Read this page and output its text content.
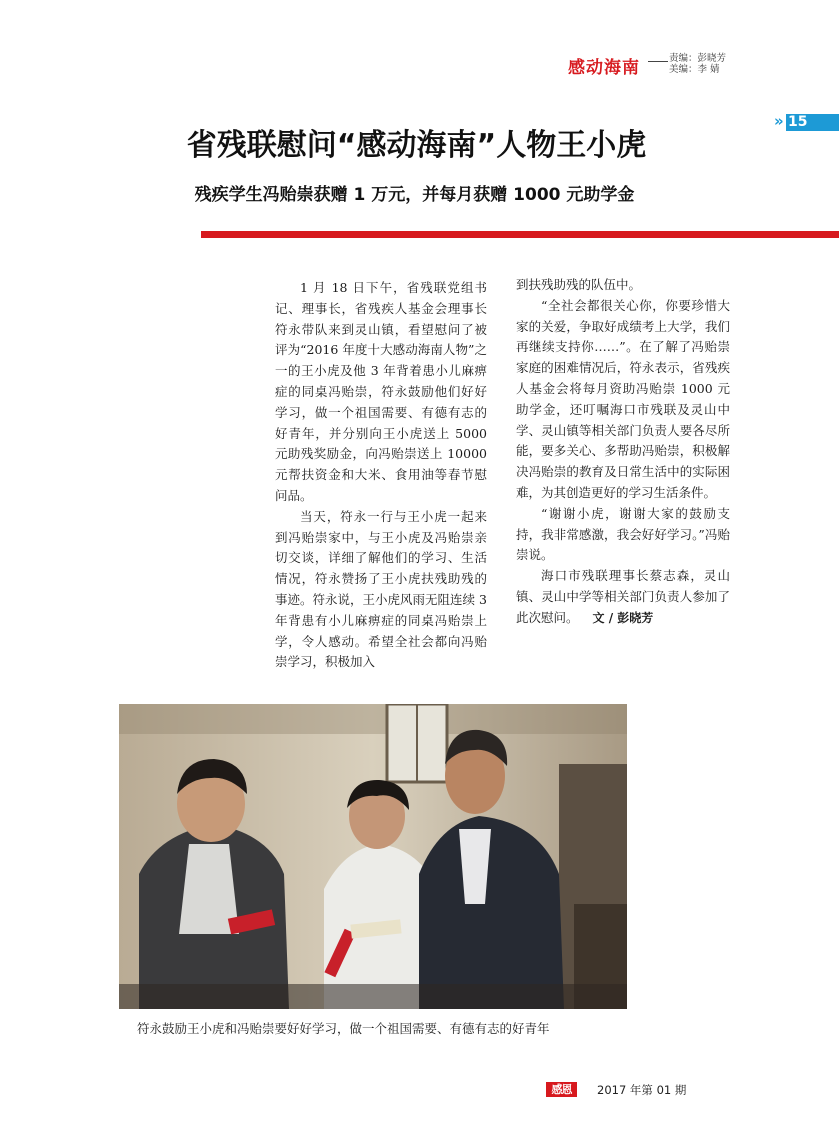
感动海南	责编：彭晓芳
美编：李 婧
» 15
省残联慰问“感动海南”人物王小虎
残疾学生冯贻崇获赠 1 万元，并每月获赠 1000 元助学金

1 月 18 日下午，省残联党组书记、理事长，省残疾人基金会理事长符永带队来到灵山镇，看望慰问了被评为“2016 年度十大感动海南人物”之一的王小虎及他 3 年背着患小儿麻痹症的同桌冯贻崇，符永鼓励他们好好学习，做一个祖国需要、有德有志的好青年，并分别向王小虎送上 5000 元助残奖励金，向冯贻崇送上 10000 元帮扶资金和大米、食用油等春节慰问品。

当天，符永一行与王小虎一起来到冯贻崇家中，与王小虎及冯贻崇亲切交谈，详细了解他们的学习、生活情况，符永赞扬了王小虎扶残助残的事迹。符永说，王小虎风雨无阻连续 3 年背患有小儿麻痹症的同桌冯贻崇上学，令人感动。希望全社会都向冯贻崇学习，积极加入

到扶残助残的队伍中。

“全社会都很关心你，你要珍惜大家的关爱，争取好成绩考上大学，我们再继续支持你……”。在了解了冯贻崇家庭的困难情况后，符永表示，省残疾人基金会将每月资助冯贻崇 1000 元助学金，还叮嘱海口市残联及灵山中学、灵山镇等相关部门负责人要各尽所能，要多关心、多帮助冯贻崇，积极解决冯贻崇的教育及日常生活中的实际困难，为其创造更好的学习生活条件。

“谢谢小虎，谢谢大家的鼓励支持，我非常感激，我会好好学习。”冯贻崇说。

海口市残联理事长蔡志森，灵山镇、灵山中学等相关部门负责人参加了此次慰问。 文 / 彭晓芳

符永鼓励王小虎和冯贻崇要好好学习，做一个祖国需要、有德有志的好青年
感恩	2017 年第 01 期
